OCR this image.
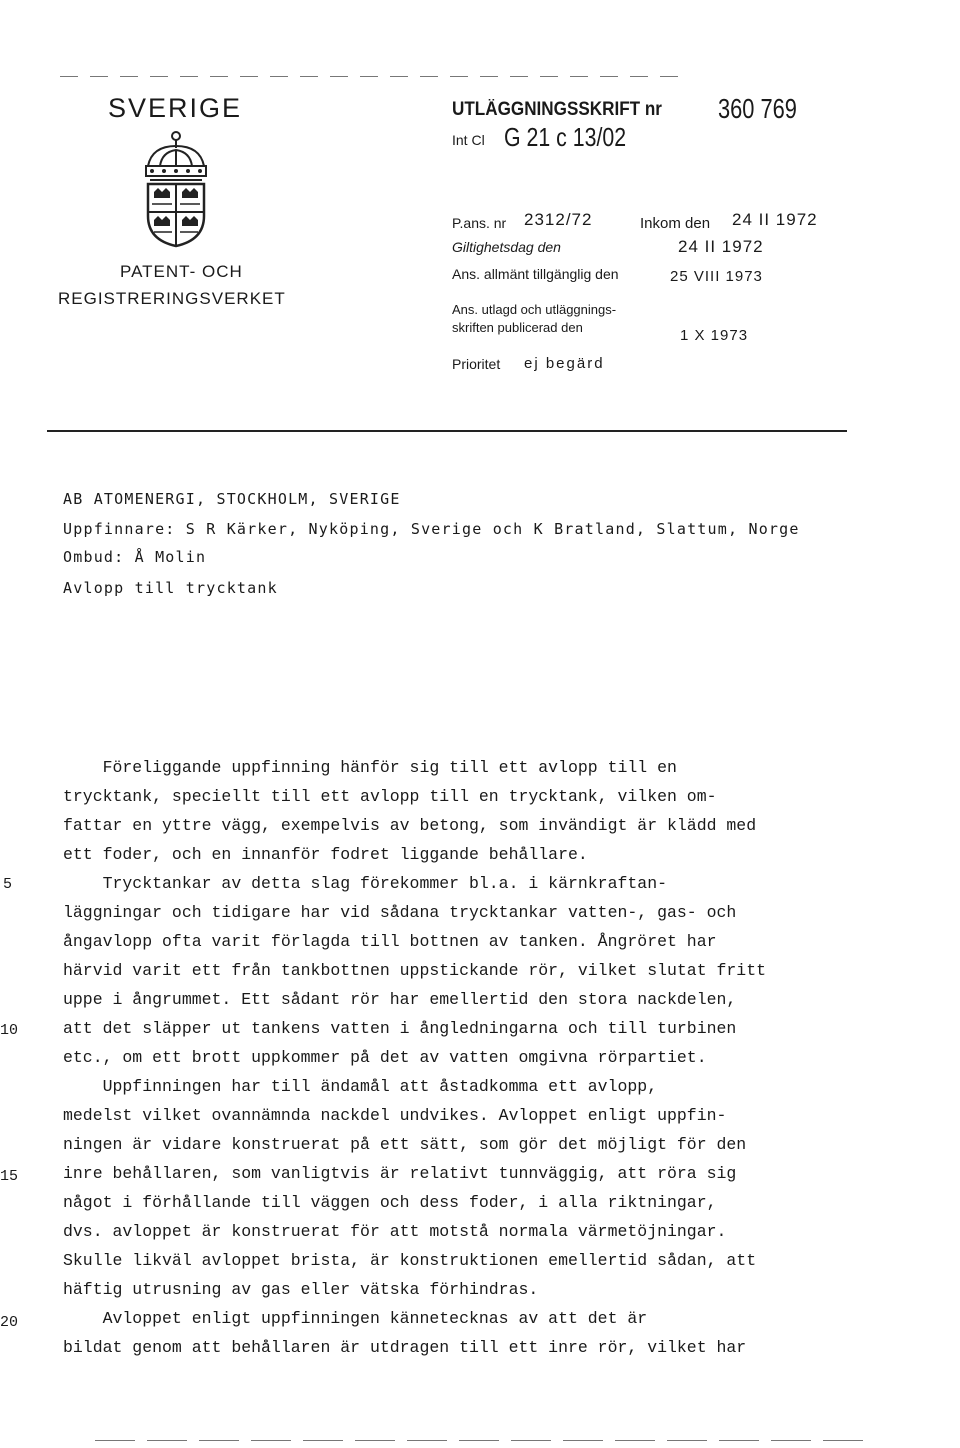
SVERIGE
PATENT- OCH
REGISTRERINGSVERKET
UTLÄGGNINGSSKRIFT nr 360 769
Int Cl G 21 c 13/02
P.ans. nr 2312/72	Inkom den 24 II 1972
Giltighetsdag den	24 II 1972
Ans. allmänt tillgänglig den	25 VIII 1973
Ans. utlagd och utläggnings-
skriften publicerad den	1 X 1973
Prioritet ej begärd
AB ATOMENERGI, STOCKHOLM, SVERIGE
Uppfinnare: S R Kärker, Nyköping, Sverige och K Bratland, Slattum, Norge
Ombud: Å Molin
Avlopp till trycktank
5
10
15
20
Föreliggande uppfinning hänför sig till ett avlopp till en
trycktank, speciellt till ett avlopp till en trycktank, vilken om-
fattar en yttre vägg, exempelvis av betong, som invändigt är klädd med
ett foder, och en innanför fodret liggande behållare.
Trycktankar av detta slag förekommer bl.a. i kärnkraftan-
läggningar och tidigare har vid sådana trycktankar vatten-, gas- och
ångavlopp ofta varit förlagda till bottnen av tanken. Ångröret har
härvid varit ett från tankbottnen uppstickande rör, vilket slutat fritt
uppe i ångrummet. Ett sådant rör har emellertid den stora nackdelen,
att det släpper ut tankens vatten i ångledningarna och till turbinen
etc., om ett brott uppkommer på det av vatten omgivna rörpartiet.
Uppfinningen har till ändamål att åstadkomma ett avlopp,
medelst vilket ovannämnda nackdel undvikes. Avloppet enligt uppfin-
ningen är vidare konstruerat på ett sätt, som gör det möjligt för den
inre behållaren, som vanligtvis är relativt tunnväggig, att röra sig
något i förhållande till väggen och dess foder, i alla riktningar,
dvs. avloppet är konstruerat för att motstå normala värmetöjningar.
Skulle likväl avloppet brista, är konstruktionen emellertid sådan, att
häftig utrusning av gas eller vätska förhindras.
Avloppet enligt uppfinningen kännetecknas av att det är
bildat genom att behållaren är utdragen till ett inre rör, vilket har
